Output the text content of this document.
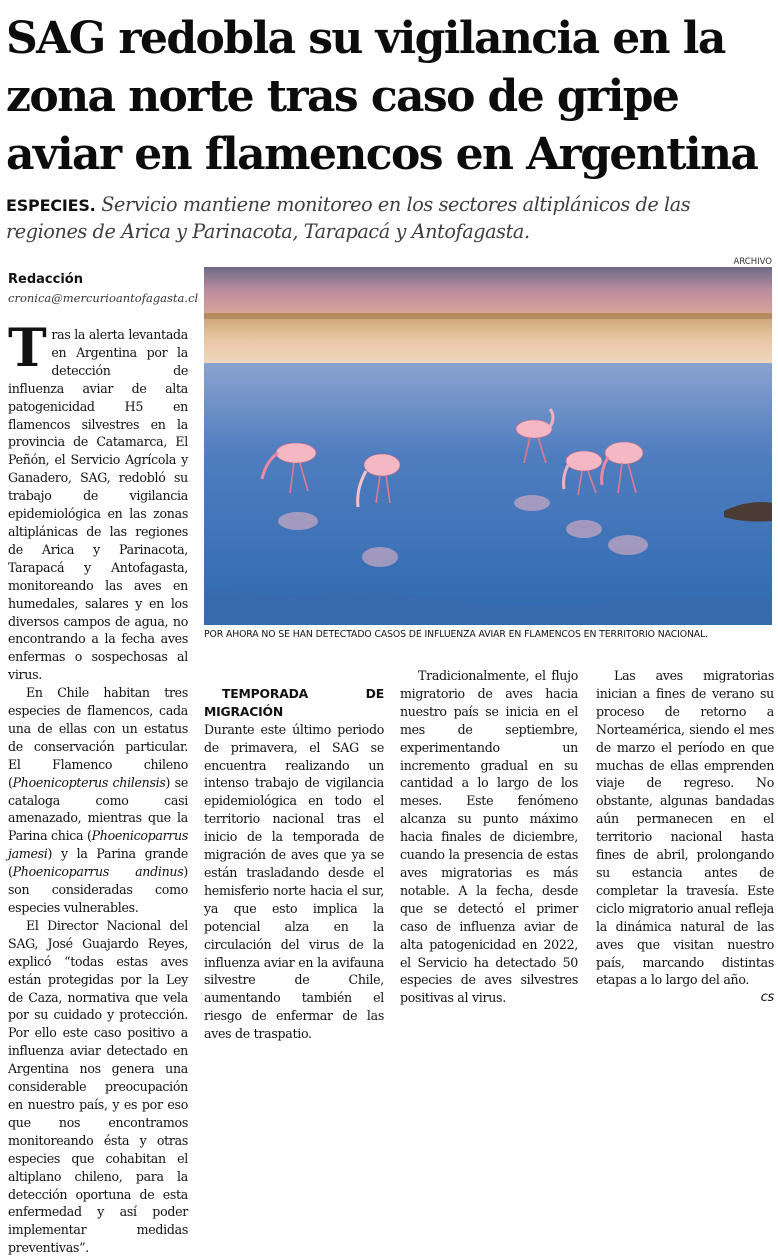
SAG redobla su vigilancia en la zona norte tras caso de gripe aviar en flamencos en Argentina
ESPECIES. Servicio mantiene monitoreo en los sectores altiplánicos de las regiones de Arica y Parinacota, Tarapacá y Antofagasta.
Redacción
cronica@mercurioantofagasta.cl
ARCHIVO
POR AHORA NO SE HAN DETECTADO CASOS DE INFLUENZA AVIAR EN FLAMENCOS EN TERRITORIO NACIONAL.

Tras la alerta levantada en Argentina por la detección de influenza aviar de alta patogenicidad H5 en flamencos silvestres en la provincia de Catamarca, El Peñón, el Servicio Agrícola y Ganadero, SAG, redobló su trabajo de vigilancia epidemiológica en las zonas altiplánicas de las regiones de Arica y Parinacota, Tarapacá y Antofagasta, monitoreando las aves en humedales, salares y en los diversos campos de agua, no encontrando a la fecha aves enfermas o sospechosas al virus.

En Chile habitan tres especies de flamencos, cada una de ellas con un estatus de conservación particular. El Flamenco chileno (Phoenicopterus chilensis) se cataloga como casi amenazado, mientras que la Parina chica (Phoenicoparrus jamesi) y la Parina grande (Phoenicoparrus andinus) son consideradas como especies vulnerables.

El Director Nacional del SAG, José Guajardo Reyes, explicó “todas estas aves están protegidas por la Ley de Caza, normativa que vela por su cuidado y protección. Por ello este caso positivo a influenza aviar detectado en Argentina nos genera una considerable preocupación en nuestro país, y es por eso que nos encontramos monitoreando ésta y otras especies que cohabitan el altiplano chileno, para la detección oportuna de esta enfermedad y así poder implementar medidas preventivas”.

TEMPORADA DE MIGRACIÓN

Durante este último periodo de primavera, el SAG se encuentra realizando un intenso trabajo de vigilancia epidemiológica en todo el territorio nacional tras el inicio de la temporada de migración de aves que ya se están trasladando desde el hemisferio norte hacia el sur, ya que esto implica la potencial alza en la circulación del virus de la influenza aviar en la avifauna silvestre de Chile, aumentando también el riesgo de enfermar de las aves de traspatio.

Tradicionalmente, el flujo migratorio de aves hacia nuestro país se inicia en el mes de septiembre, experimentando un incremento gradual en su cantidad a lo largo de los meses. Este fenómeno alcanza su punto máximo hacia finales de diciembre, cuando la presencia de estas aves migratorias es más notable. A la fecha, desde que se detectó el primer caso de influenza aviar de alta patogenicidad en 2022, el Servicio ha detectado 50 especies de aves silvestres positivas al virus.

Las aves migratorias inician a fines de verano su proceso de retorno a Norteamérica, siendo el mes de marzo el período en que muchas de ellas emprenden viaje de regreso. No obstante, algunas bandadas aún permanecen en el territorio nacional hasta fines de abril, prolongando su estancia antes de completar la travesía. Este ciclo migratorio anual refleja la dinámica natural de las aves que visitan nuestro país, marcando distintas etapas a lo largo del año.
cs
